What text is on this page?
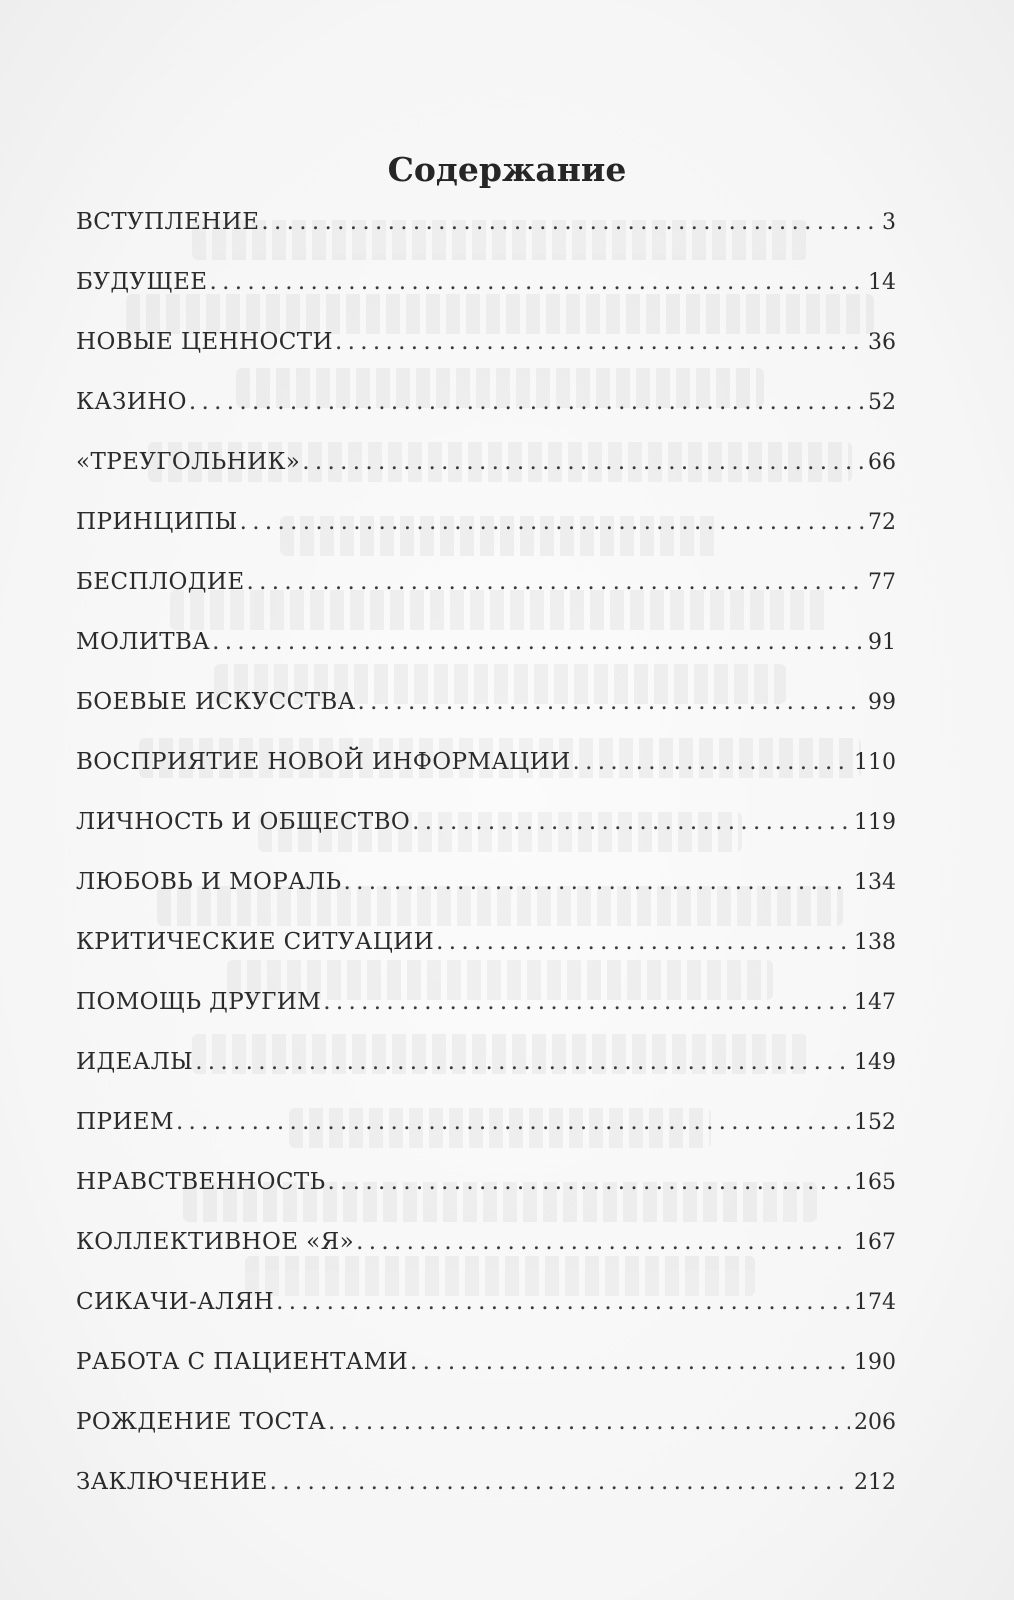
Содержание
ВСТУПЛЕНИЕ . . .	3
БУДУЩЕЕ . . .	14
НОВЫЕ ЦЕННОСТИ . . .	36
КАЗИНО . . .	52
«ТРЕУГОЛЬНИК» . . .	66
ПРИНЦИПЫ . . .	72
БЕСПЛОДИЕ . . .	77
МОЛИТВА . . .	91
БОЕВЫЕ ИСКУССТВА . . .	99
ВОСПРИЯТИЕ НОВОЙ ИНФОРМАЦИИ . . .	110
ЛИЧНОСТЬ И ОБЩЕСТВО . . .	119
ЛЮБОВЬ И МОРАЛЬ . . .	134
КРИТИЧЕСКИЕ СИТУАЦИИ . . .	138
ПОМОЩЬ ДРУГИМ . . .	147
ИДЕАЛЫ . . .	149
ПРИЕМ . . .	152
НРАВСТВЕННОСТЬ . . .	165
КОЛЛЕКТИВНОЕ «Я» . . .	167
СИКАЧИ-АЛЯН . . .	174
РАБОТА С ПАЦИЕНТАМИ . . .	190
РОЖДЕНИЕ ТОСТА . . .	206
ЗАКЛЮЧЕНИЕ . . .	212
